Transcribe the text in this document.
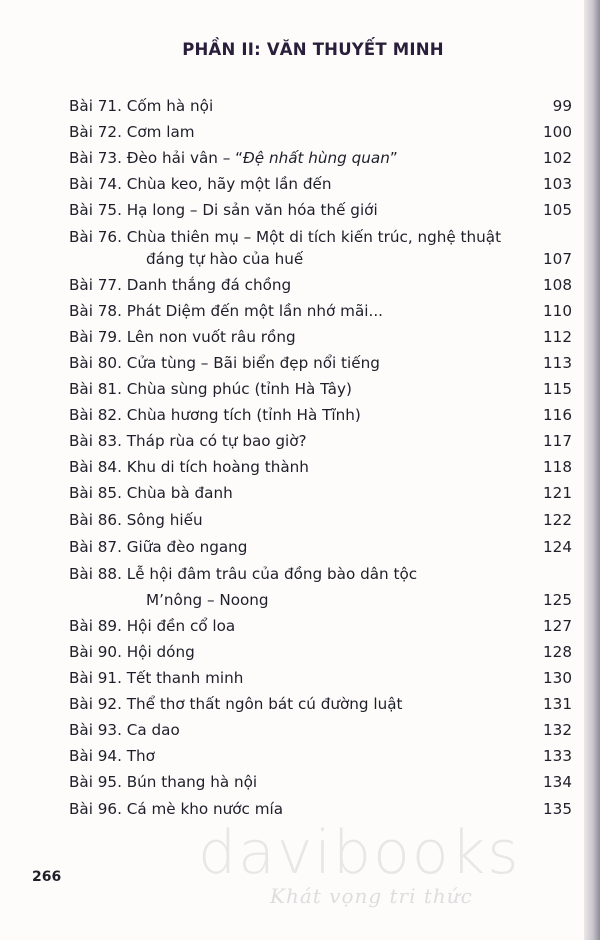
PHẦN II: VĂN THUYẾT MINH
Bài 71. Cốm hà nội	99
Bài 72. Cơm lam	100
Bài 73. Đèo hải vân – “Đệ nhất hùng quan”	102
Bài 74. Chùa keo, hãy một lần đến	103
Bài 75. Hạ long – Di sản văn hóa thế giới	105
Bài 76. Chùa thiên mụ – Một di tích kiến trúc, nghệ thuật
đáng tự hào của huế	107
Bài 77. Danh thắng đá chồng	108
Bài 78. Phát Diệm đến một lần nhớ mãi...	110
Bài 79. Lên non vuốt râu rồng	112
Bài 80. Cửa tùng – Bãi biển đẹp nổi tiếng	113
Bài 81. Chùa sùng phúc (tỉnh Hà Tây)	115
Bài 82. Chùa hương tích (tỉnh Hà Tĩnh)	116
Bài 83. Tháp rùa có tự bao giờ?	117
Bài 84. Khu di tích hoàng thành	118
Bài 85. Chùa bà đanh	121
Bài 86. Sông hiếu	122
Bài 87. Giữa đèo ngang	124
Bài 88. Lễ hội đâm trâu của đồng bào dân tộc
M’nông – Noong	125
Bài 89. Hội đền cổ loa	127
Bài 90. Hội dóng	128
Bài 91. Tết thanh minh	130
Bài 92. Thể thơ thất ngôn bát cú đường luật	131
Bài 93. Ca dao	132
Bài 94. Thơ	133
Bài 95. Bún thang hà nội	134
Bài 96. Cá mè kho nước mía	135
davibooks
Khát vọng tri thức
266
